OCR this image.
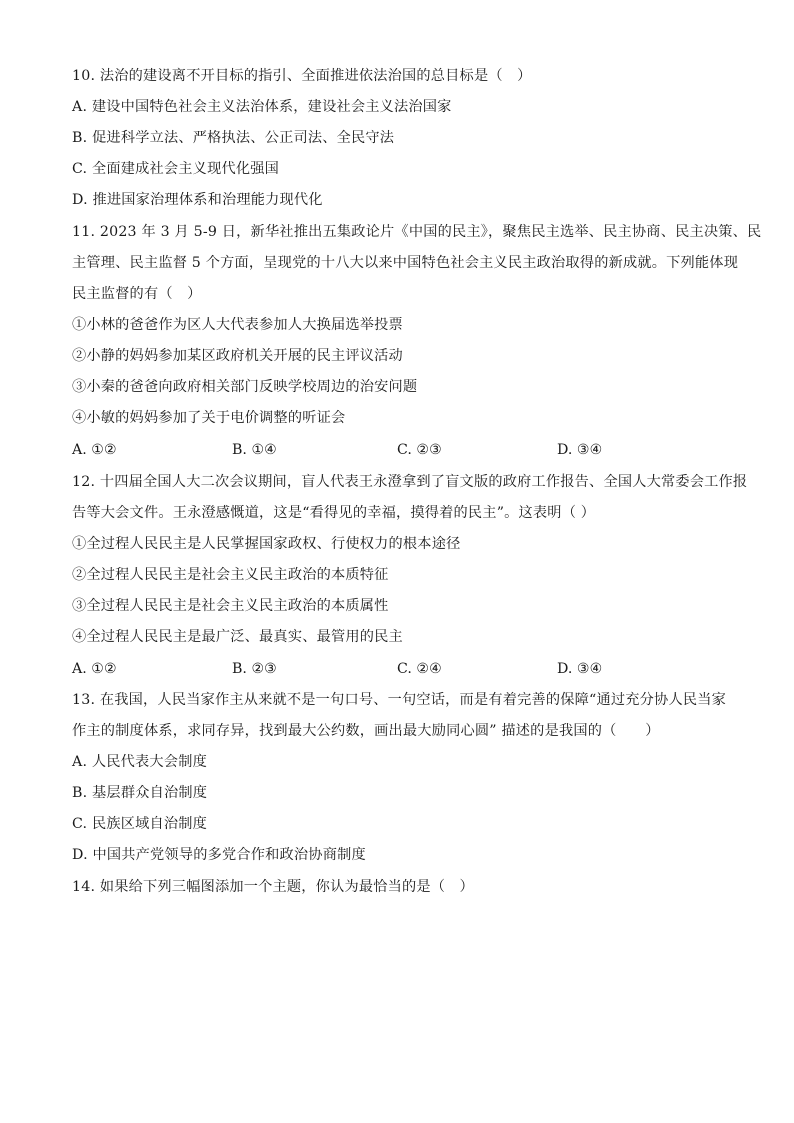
10. 法治的建设离不开目标的指引、全面推进依法治国的总目标是（　）
A. 建设中国特色社会主义法治体系，建设社会主义法治国家
B. 促进科学立法、严格执法、公正司法、全民守法
C. 全面建成社会主义现代化强国
D. 推进国家治理体系和治理能力现代化
11. 2023 年 3 月 5-9 日，新华社推出五集政论片《中国的民主》，聚焦民主选举、民主协商、民主决策、民
主管理、民主监督 5 个方面，呈现党的十八大以来中国特色社会主义民主政治取得的新成就。下列能体现
民主监督的有（　）
①小林的爸爸作为区人大代表参加人大换届选举投票
②小静的妈妈参加某区政府机关开展的民主评议活动
③小秦的爸爸向政府相关部门反映学校周边的治安问题
④小敏的妈妈参加了关于电价调整的听证会
A. ①②	B. ①④	C. ②③	D. ③④
12. 十四届全国人大二次会议期间，盲人代表王永澄拿到了盲文版的政府工作报告、全国人大常委会工作报
告等大会文件。王永澄感慨道，这是“看得见的幸福，摸得着的民主”。这表明（ ）
①全过程人民民主是人民掌握国家政权、行使权力的根本途径
②全过程人民民主是社会主义民主政治的本质特征
③全过程人民民主是社会主义民主政治的本质属性
④全过程人民民主是最广泛、最真实、最管用的民主
A. ①②	B. ②③	C. ②④	D. ③④
13. 在我国，人民当家作主从来就不是一句口号、一句空话，而是有着完善的保障“通过充分协人民当家
作主的制度体系，求同存异，找到最大公约数，画出最大励同心圆” 描述的是我国的（　　）
A. 人民代表大会制度
B. 基层群众自治制度
C. 民族区域自治制度
D. 中国共产党领导的多党合作和政治协商制度
14. 如果给下列三幅图添加一个主题，你认为最恰当的是（　）
